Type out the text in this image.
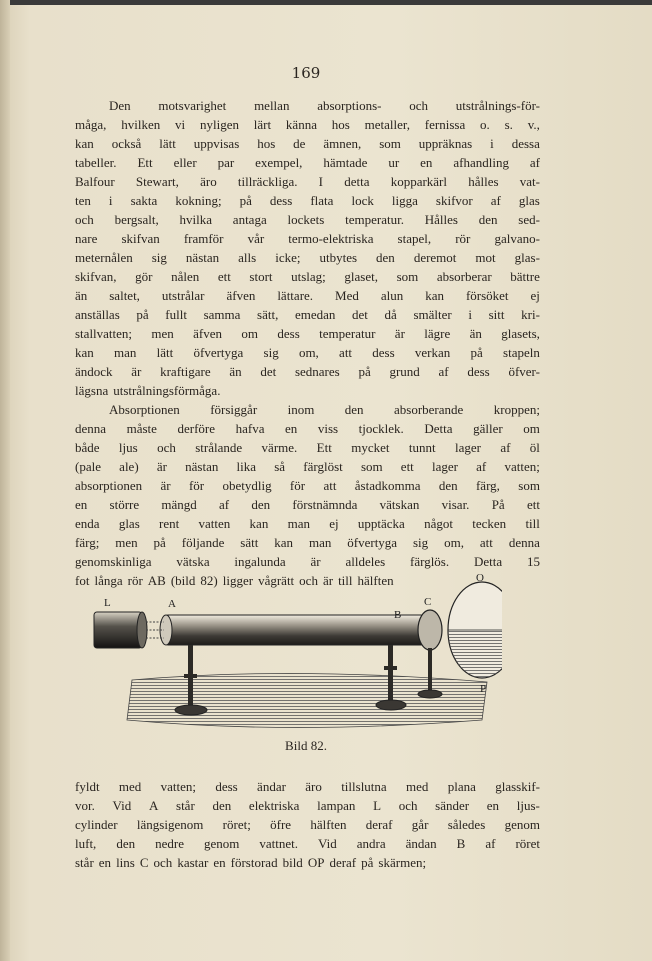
169
Den motsvarighet mellan absorptions- och utstrålnings-för-
måga, hvilken vi nyligen lärt känna hos metaller, fernissa o. s. v.,
kan också lätt uppvisas hos de ämnen, som uppräknas i dessa
tabeller. Ett eller par exempel, hämtade ur en afhandling af
Balfour Stewart, äro tillräckliga. I detta kopparkärl hålles vat-
ten i sakta kokning; på dess flata lock ligga skifvor af glas
och bergsalt, hvilka antaga lockets temperatur. Hålles den sed-
nare skifvan framför vår termo-elektriska stapel, rör galvano-
meternålen sig nästan alls icke; utbytes den deremot mot glas-
skifvan, gör nålen ett stort utslag; glaset, som absorberar bättre
än saltet, utstrålar äfven lättare. Med alun kan försöket ej
anställas på fullt samma sätt, emedan det då smälter i sitt kri-
stallvatten; men äfven om dess temperatur är lägre än glasets,
kan man lätt öfvertyga sig om, att dess verkan på stapeln
ändock är kraftigare än det sednares på grund af dess öfver-
lägsna utstrålningsförmåga.
Absorptionen försiggår inom den absorberande kroppen;
denna måste derföre hafva en viss tjocklek. Detta gäller om
både ljus och strålande värme. Ett mycket tunnt lager af öl
(pale ale) är nästan lika så färglöst som ett lager af vatten;
absorptionen är för obetydlig för att åstadkomma den färg, som
en större mängd af den förstnämnda vätskan visar. På ett
enda glas rent vatten kan man ej upptäcka något tecken till
färg; men på följande sätt kan man öfvertyga sig om, att denna
genomskinliga vätska ingalunda är alldeles färglös. Detta 15
fot långa rör AB (bild 82) ligger vågrätt och är till hälften
L	A
B
C
O
P
Bild 82.
fyldt med vatten; dess ändar äro tillslutna med plana glasskif-
vor. Vid A står den elektriska lampan L och sänder en ljus-
cylinder längsigenom röret; öfre hälften deraf går således genom
luft, den nedre genom vattnet. Vid andra ändan B af röret
står en lins C och kastar en förstorad bild OP deraf på skärmen;
